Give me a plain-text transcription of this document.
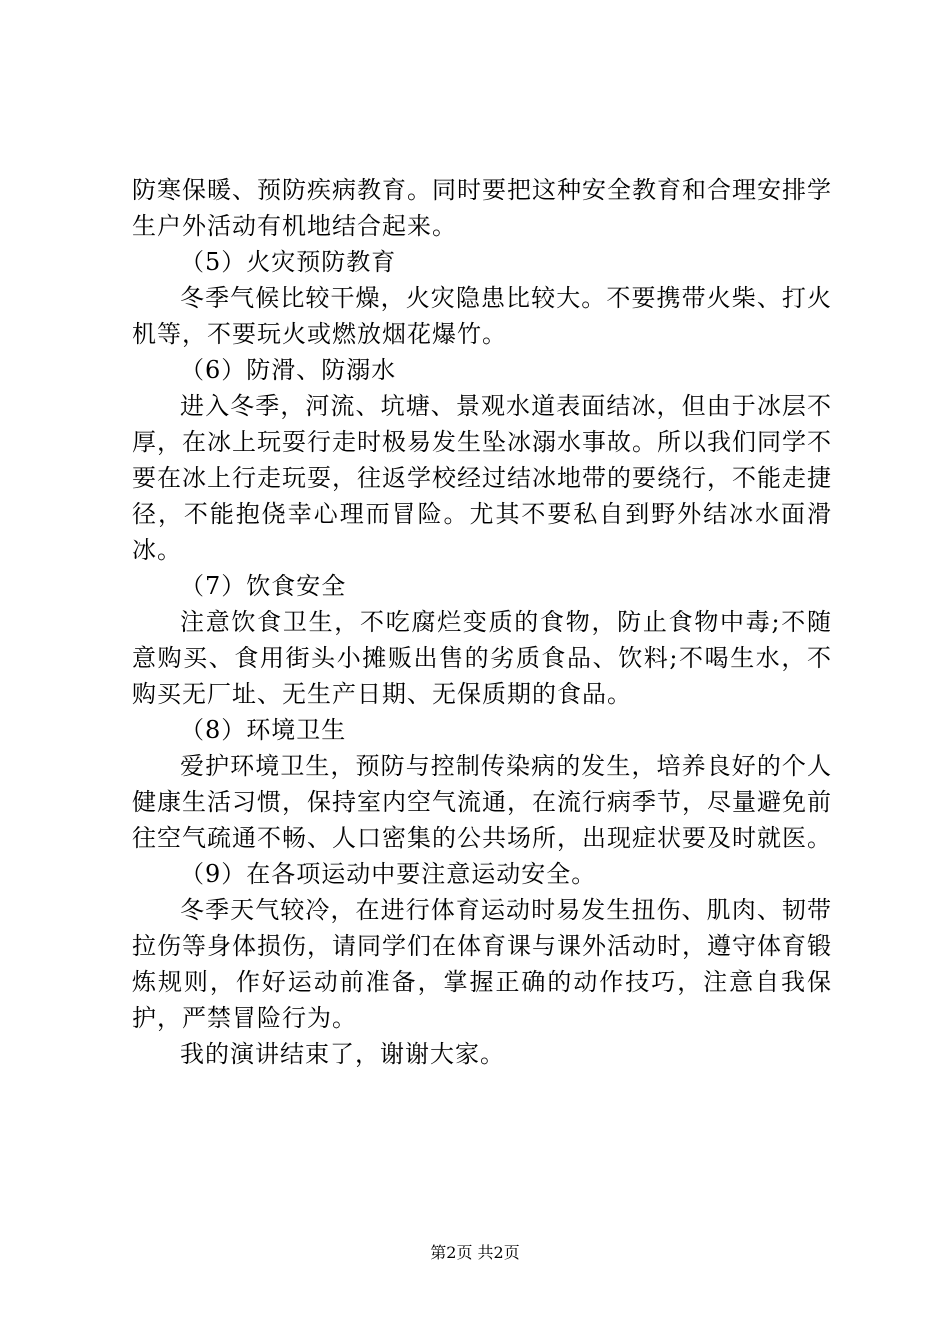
防寒保暖、预防疾病教育。同时要把这种安全教育和合理安排学生户外活动有机地结合起来。

（5）火灾预防教育

冬季气候比较干燥，火灾隐患比较大。不要携带火柴、打火机等，不要玩火或燃放烟花爆竹。

（6）防滑、防溺水

进入冬季，河流、坑塘、景观水道表面结冰，但由于冰层不厚，在冰上玩耍行走时极易发生坠冰溺水事故。所以我们同学不要在冰上行走玩耍，往返学校经过结冰地带的要绕行，不能走捷径，不能抱侥幸心理而冒险。尤其不要私自到野外结冰水面滑冰。

（7）饮食安全

注意饮食卫生，不吃腐烂变质的食物，防止食物中毒;不随意购买、食用街头小摊贩出售的劣质食品、饮料;不喝生水，不购买无厂址、无生产日期、无保质期的食品。

（8）环境卫生

爱护环境卫生，预防与控制传染病的发生，培养良好的个人健康生活习惯，保持室内空气流通，在流行病季节，尽量避免前往空气疏通不畅、人口密集的公共场所，出现症状要及时就医。

（9）在各项运动中要注意运动安全。

冬季天气较冷，在进行体育运动时易发生扭伤、肌肉、韧带拉伤等身体损伤，请同学们在体育课与课外活动时，遵守体育锻炼规则，作好运动前准备，掌握正确的动作技巧，注意自我保护，严禁冒险行为。

我的演讲结束了，谢谢大家。

第2页 共2页
